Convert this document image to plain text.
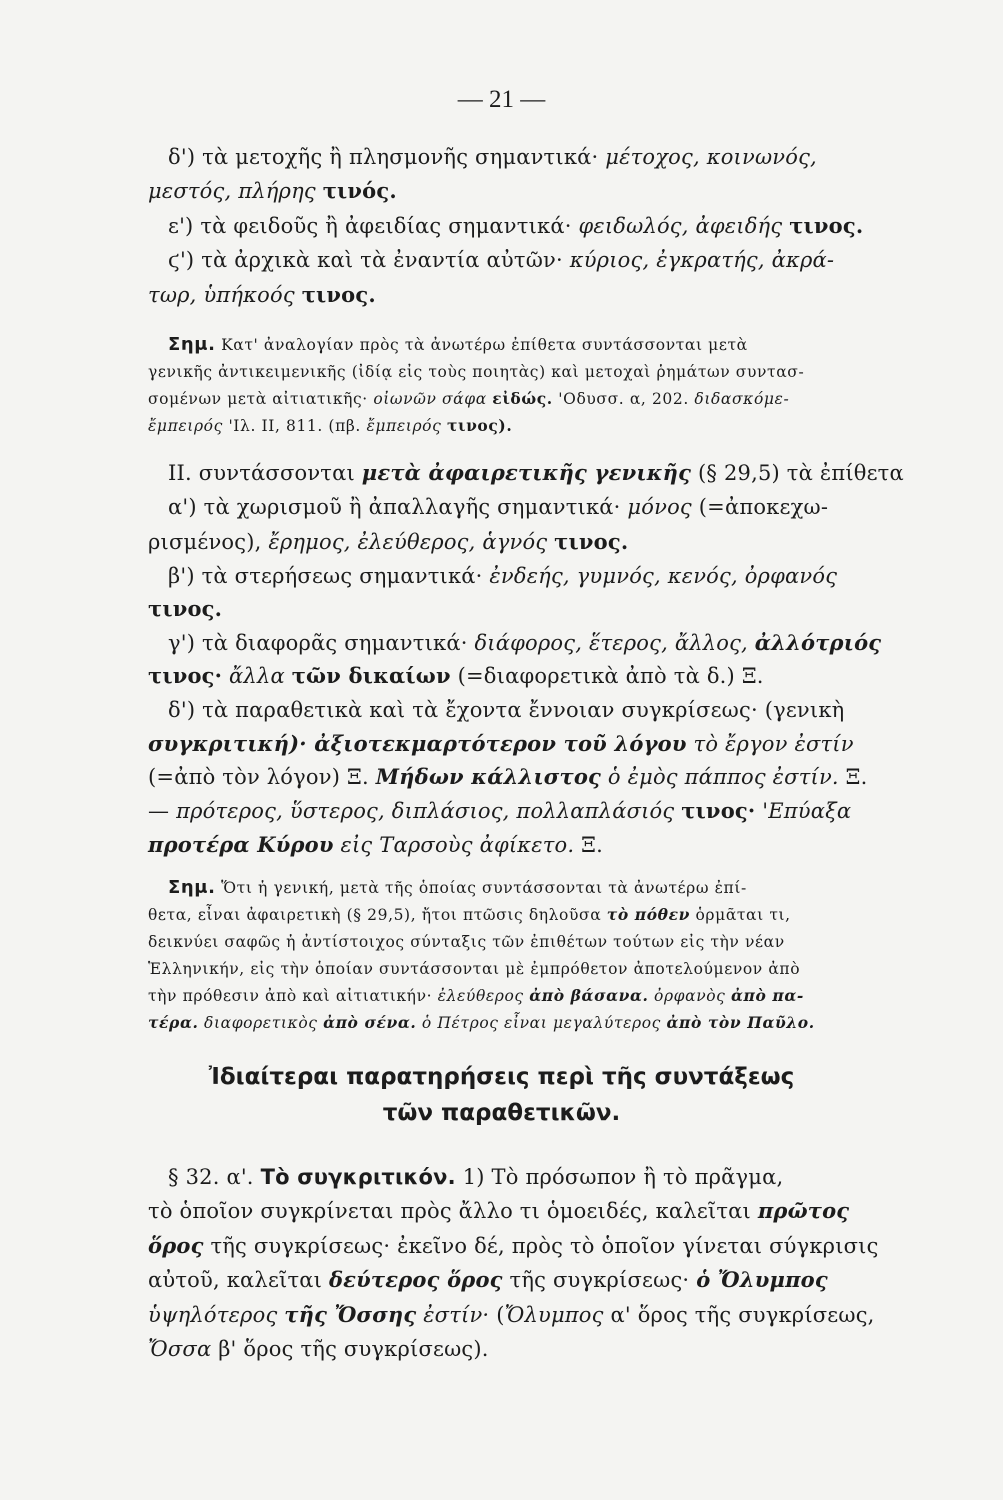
— 21 —
δ') τὰ μετοχῆς ἢ πλησμονῆς σημαντικά· μέτοχος, κοινωνός,
μεστός, πλήρης τινός.
ε') τὰ φειδοῦς ἢ ἀφειδίας σημαντικά· φειδωλός, ἀφειδής τινος.
ϛ') τὰ ἀρχικὰ καὶ τὰ ἐναντία αὐτῶν· κύριος, ἐγκρατής, ἀκρά-
τωρ, ὑπήκοός τινος.
Σημ. Κατ' ἀναλογίαν πρὸς τὰ ἀνωτέρω ἐπίθετα συντάσσονται μετὰ
γενικῆς ἀντικειμενικῆς (ἰδίᾳ εἰς τοὺς ποιητὰς) καὶ μετοχαὶ ῥημάτων συντασ-
σομένων μετὰ αἰτιατικῆς· οἰωνῶν σάφα εἰδώς. 'Οδυσσ. α, 202. διδασκόμε-
ἔμπειρός 'Ιλ. ΙΙ, 811. (πβ. ἔμπειρός τινος).
ΙΙ. συντάσσονται μετὰ ἀφαιρετικῆς γενικῆς (§ 29,5) τὰ ἐπίθετα
α') τὰ χωρισμοῦ ἢ ἀπαλλαγῆς σημαντικά· μόνος (=ἀποκεχω-
ρισμένος), ἔρημος, ἐλεύθερος, ἁγνός τινος.
β') τὰ στερήσεως σημαντικά· ἐνδεής, γυμνός, κενός, ὀρφανός
τινος.
γ') τὰ διαφορᾶς σημαντικά· διάφορος, ἕτερος, ἄλλος, ἀλλότριός
τινος· ἄλλα τῶν δικαίων (=διαφορετικὰ ἀπὸ τὰ δ.) Ξ.
δ') τὰ παραθετικὰ καὶ τὰ ἔχοντα ἔννοιαν συγκρίσεως· (γενικὴ
συγκριτική)· ἀξιοτεκμαρτότερον τοῦ λόγου τὸ ἔργον ἐστίν
(=ἀπὸ τὸν λόγον) Ξ. Μήδων κάλλιστος ὁ ἐμὸς πάππος ἐστίν. Ξ.
— πρότερος, ὕστερος, διπλάσιος, πολλαπλάσιός τινος· 'Επύαξα
προτέρα Κύρου εἰς Ταρσοὺς ἀφίκετο. Ξ.
Σημ. Ὅτι ἡ γενική, μετὰ τῆς ὁποίας συντάσσονται τὰ ἀνωτέρω ἐπί-
θετα, εἶναι ἀφαιρετικὴ (§ 29,5), ἤτοι πτῶσις δηλοῦσα τὸ πόθεν ὁρμᾶται τι,
δεικνύει σαφῶς ἡ ἀντίστοιχος σύνταξις τῶν ἐπιθέτων τούτων εἰς τὴν νέαν
Ἑλληνικήν, εἰς τὴν ὁποίαν συντάσσονται μὲ ἐμπρόθετον ἀποτελούμενον ἀπὸ
τὴν πρόθεσιν ἀπὸ καὶ αἰτιατικήν· ἐλεύθερος ἀπὸ βάσανα. ὀρφανὸς ἀπὸ πα-
τέρα. διαφορετικὸς ἀπὸ σένα. ὁ Πέτρος εἶναι μεγαλύτερος ἀπὸ τὸν Παῦλο.
Ἰδιαίτεραι παρατηρήσεις περὶ τῆς συντάξεως
τῶν παραθετικῶν.
§ 32. α'. Τὸ συγκριτικόν. 1) Τὸ πρόσωπον ἢ τὸ πρᾶγμα,
τὸ ὁποῖον συγκρίνεται πρὸς ἄλλο τι ὁμοειδές, καλεῖται πρῶτος
ὅρος τῆς συγκρίσεως· ἐκεῖνο δέ, πρὸς τὸ ὁποῖον γίνεται σύγκρισις
αὐτοῦ, καλεῖται δεύτερος ὅρος τῆς συγκρίσεως· ὁ Ὄλυμπος
ὑψηλότερος τῆς Ὄσσης ἐστίν· (Ὄλυμπος α' ὅρος τῆς συγκρίσεως,
Ὄσσα β' ὅρος τῆς συγκρίσεως).
